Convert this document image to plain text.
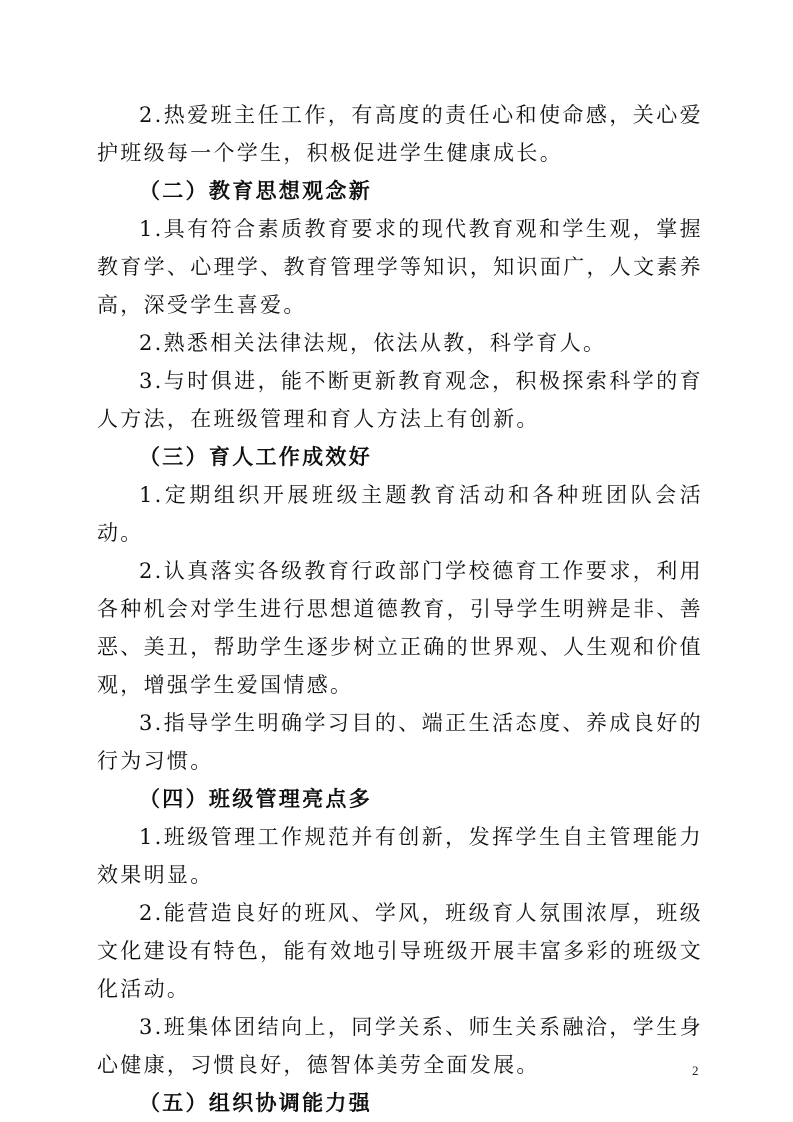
2.热爱班主任工作，有高度的责任心和使命感，关心爱护班级每一个学生，积极促进学生健康成长。

（二）教育思想观念新

1.具有符合素质教育要求的现代教育观和学生观，掌握教育学、心理学、教育管理学等知识，知识面广，人文素养高，深受学生喜爱。

2.熟悉相关法律法规，依法从教，科学育人。

3.与时俱进，能不断更新教育观念，积极探索科学的育人方法，在班级管理和育人方法上有创新。

（三）育人工作成效好

1.定期组织开展班级主题教育活动和各种班团队会活动。

2.认真落实各级教育行政部门学校德育工作要求，利用各种机会对学生进行思想道德教育，引导学生明辨是非、善恶、美丑，帮助学生逐步树立正确的世界观、人生观和价值观，增强学生爱国情感。

3.指导学生明确学习目的、端正生活态度、养成良好的行为习惯。

（四）班级管理亮点多

1.班级管理工作规范并有创新，发挥学生自主管理能力效果明显。

2.能营造良好的班风、学风，班级育人氛围浓厚，班级文化建设有特色，能有效地引导班级开展丰富多彩的班级文化活动。

3.班集体团结向上，同学关系、师生关系融洽，学生身心健康，习惯良好，德智体美劳全面发展。

（五）组织协调能力强

2
